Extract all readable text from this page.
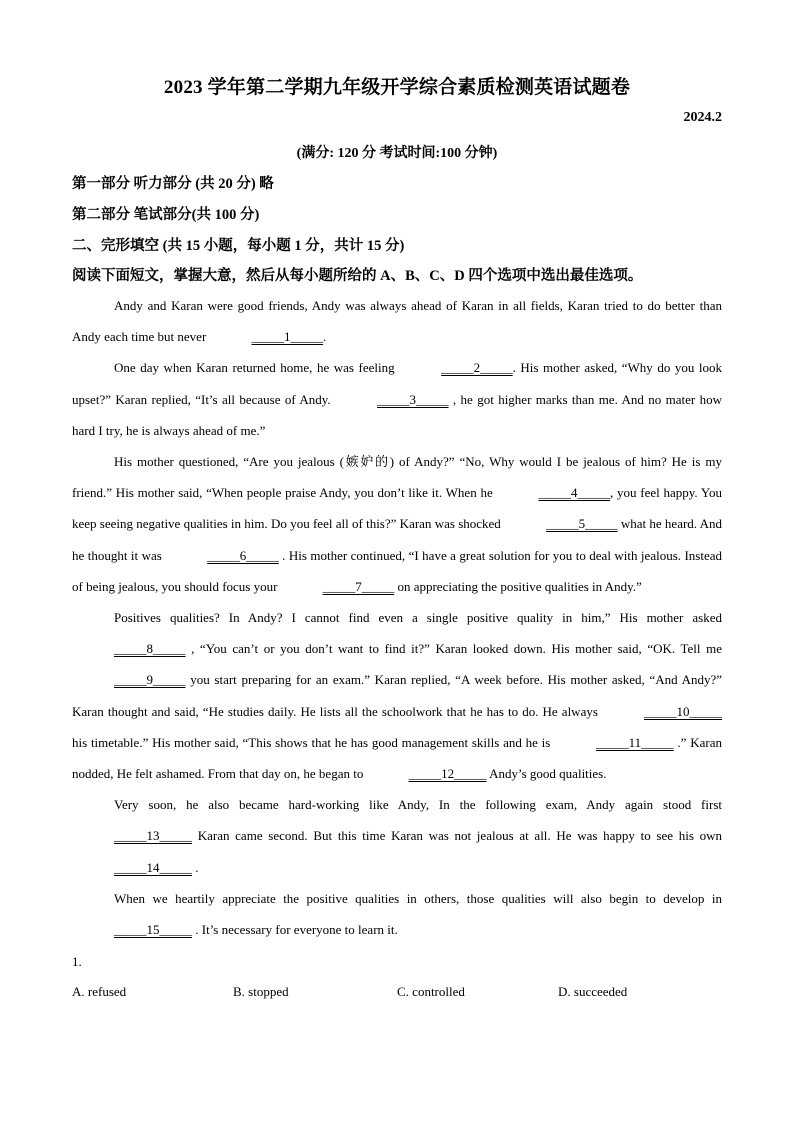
2023 学年第二学期九年级开学综合素质检测英语试题卷
2024.2
(满分: 120 分 考试时间:100 分钟)
第一部分 听力部分 (共 20 分) 略
第二部分 笔试部分(共 100 分)
二、完形填空 (共 15 小题，每小题 1 分，共计 15 分)
阅读下面短文，掌握大意，然后从每小题所给的 A、B、C、D 四个选项中选出最佳选项。

Andy and Karan were good friends, Andy was always ahead of Karan in all fields, Karan tried to do better than Andy each time but never	_____1_____.

One day when Karan returned home, he was feeling	_____2_____. His mother asked, “Why do you look upset?” Karan replied, “It’s all because of Andy.	_____3_____ , he got higher marks than me. And no mater how hard I try, he is always ahead of me.”

His mother questioned, “Are you jealous (嫉妒的) of Andy?” “No, Why would I be jealous of him? He is my friend.” His mother said, “When people praise Andy, you don’t like it. When he	_____4_____, you feel happy. You keep seeing negative qualities in him. Do you feel all of this?” Karan was shocked	_____5_____ what he heard. And he thought it was	_____6_____ . His mother continued, “I have a great solution for you to deal with jealous. Instead of being jealous, you should focus your	_____7_____ on appreciating the positive qualities in Andy.”

Positives qualities? In Andy? I cannot find even a single positive quality in him,” His mother asked _____8_____ , “You can’t or you don’t want to find it?” Karan looked down. His mother said, “OK. Tell me _____9_____ you start preparing for an exam.” Karan replied, “A week before. His mother asked, “And Andy?” Karan thought and said, “He studies daily. He lists all the schoolwork that he has to do. He always	_____10_____ his timetable.” His mother said, “This shows that he has good management skills and he is	_____11_____ .” Karan nodded, He felt ashamed. From that day on, he began to	_____12_____ Andy’s good qualities.

Very soon, he also became hard-working like Andy, In the following exam, Andy again stood first _____13_____ Karan came second. But this time Karan was not jealous at all. He was happy to see his own _____14_____ .

When we heartily appreciate the positive qualities in others, those qualities will also begin to develop in _____15_____ . It’s necessary for everyone to learn it.

1.
A. refused	B. stopped	C. controlled	D. succeeded
